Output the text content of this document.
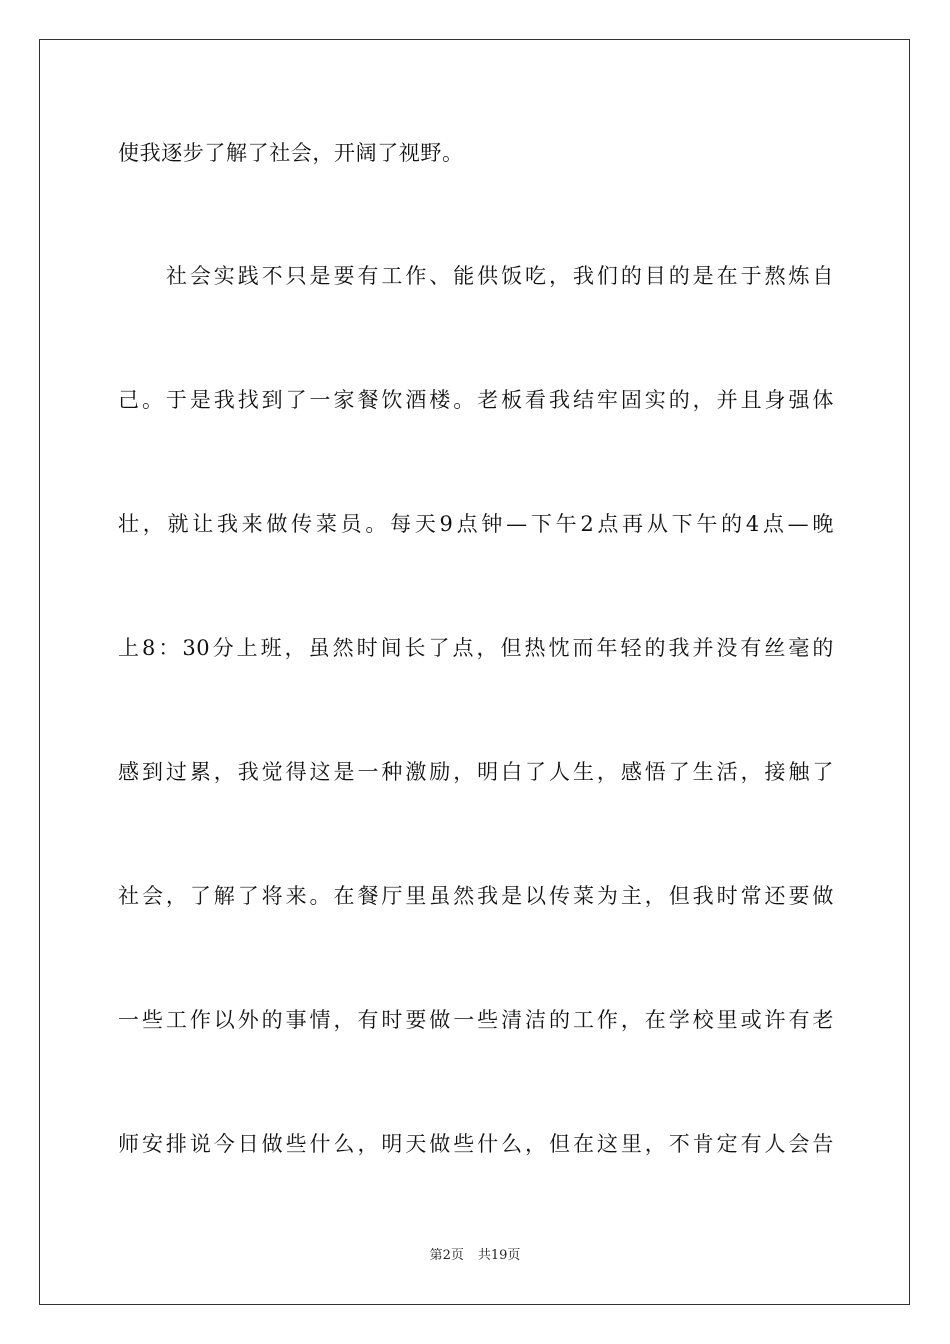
使我逐步了解了社会，开阔了视野。
　　社会实践不只是要有工作、能供饭吃，我们的目的是在于熬炼自
己。于是我找到了一家餐饮酒楼。老板看我结牢固实的，并且身强体
壮，就让我来做传菜员。每天9点钟—下午2点再从下午的4点—晚
上8：30分上班，虽然时间长了点，但热忱而年轻的我并没有丝毫的
感到过累，我觉得这是一种激励，明白了人生，感悟了生活，接触了
社会，了解了将来。在餐厅里虽然我是以传菜为主，但我时常还要做
一些工作以外的事情，有时要做一些清洁的工作，在学校里或许有老
师安排说今日做些什么，明天做些什么，但在这里，不肯定有人会告
第2页 共19页
